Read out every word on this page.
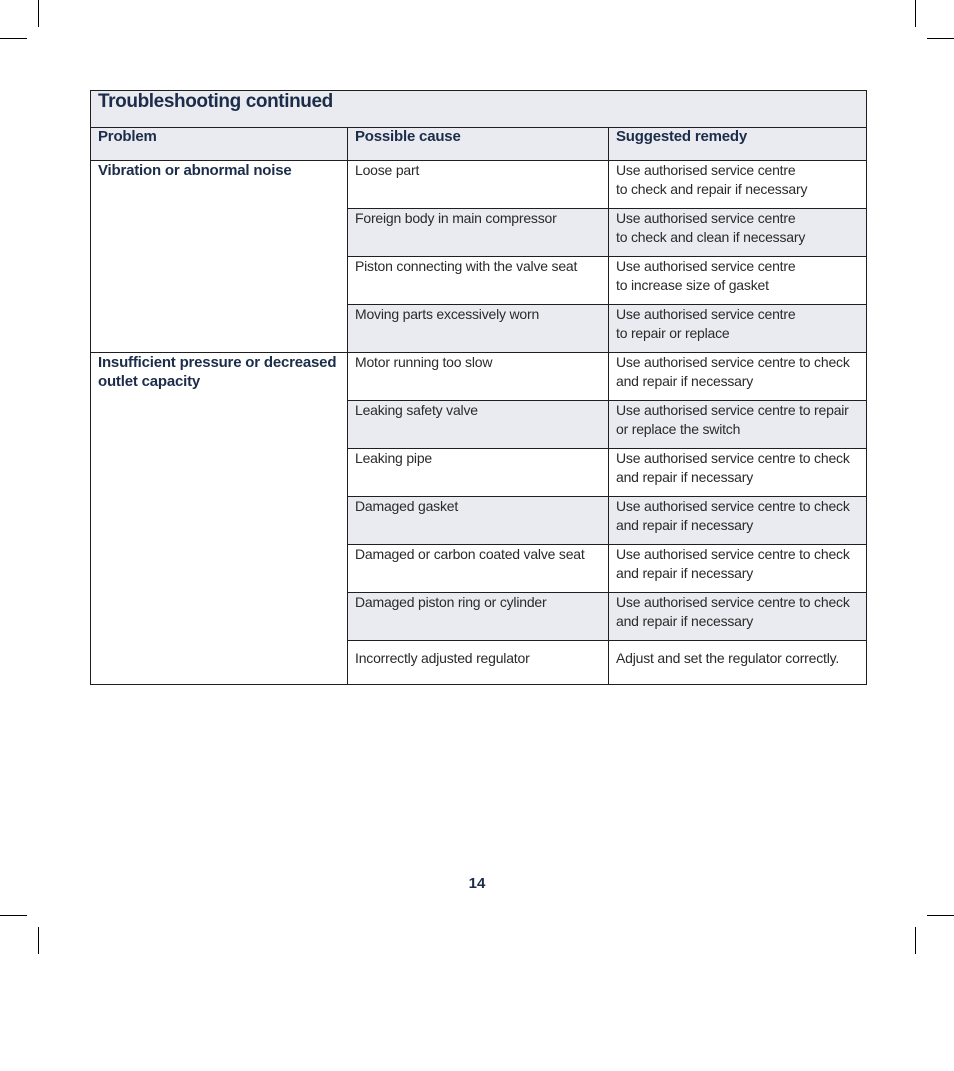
Troubleshooting continued		
Problem	Possible cause	Suggested remedy
Vibration or abnormal noise	Loose part	Use authorised service centre
to check and repair if necessary

	Foreign body in main compressor	Use authorised service centre
to check and clean if necessary

	Piston connecting with the valve seat	Use authorised service centre
to increase size of gasket

	Moving parts excessively worn	Use authorised service centre
to repair or replace

Insufficient pressure or decreased outlet capacity	Motor running too slow	Use authorised service centre to check
and repair if necessary

	Leaking safety valve	Use authorised service centre to repair
or replace the switch

	Leaking pipe	Use authorised service centre to check
and repair if necessary

	Damaged gasket	Use authorised service centre to check
and repair if necessary

	Damaged or carbon coated valve seat	Use authorised service centre to check
and repair if necessary

	Damaged piston ring or cylinder	Use authorised service centre to check
and repair if necessary

	Incorrectly adjusted regulator	Adjust and set the regulator correctly.
14
